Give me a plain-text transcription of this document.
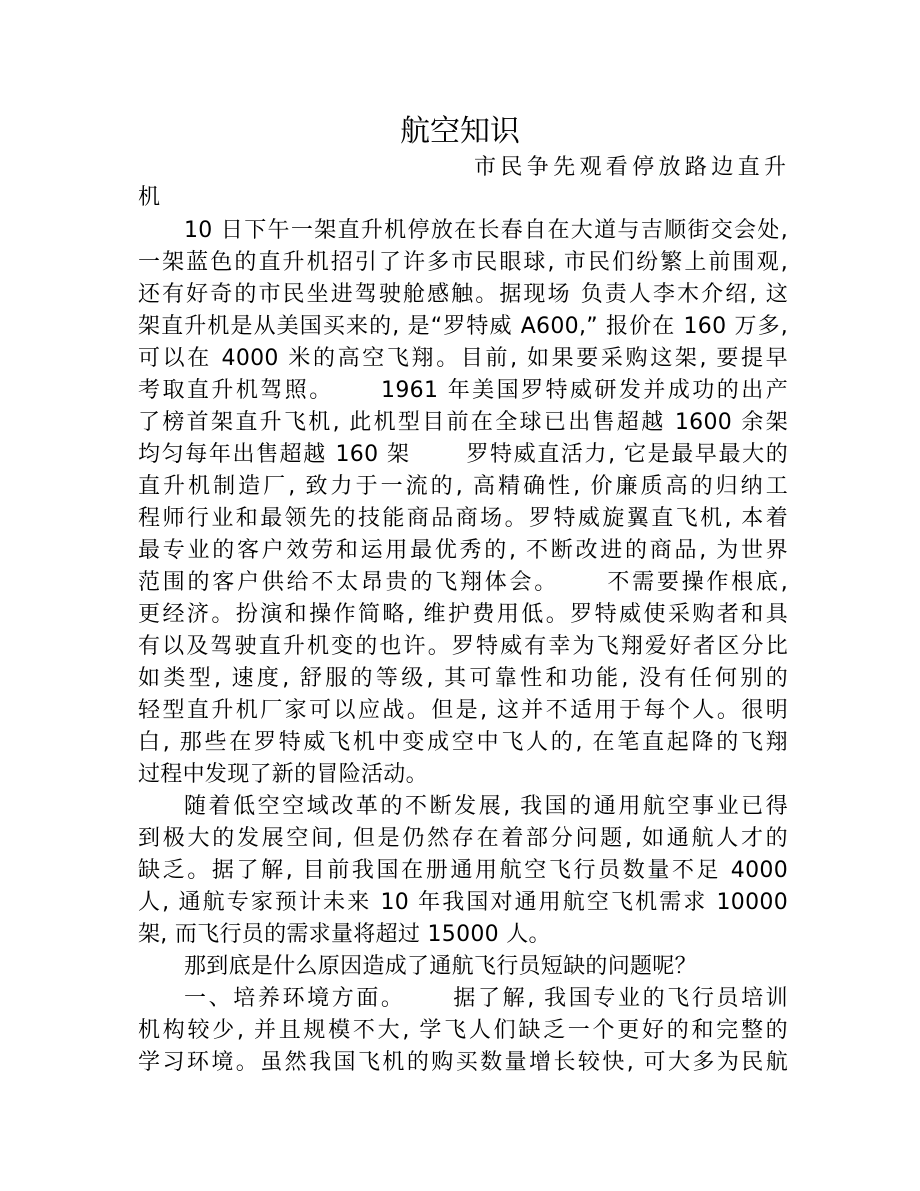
航空知识
市民争先观看停放路边直升
机
10 日下午一架直升机停放在长春自在大道与吉顺街交会处,
一架蓝色的直升机招引了许多市民眼球, 市民们纷繁上前围观,
还有好奇的市民坐进驾驶舱感触。据现场 负责人李木介绍, 这
架直升机是从美国买来的, 是“罗特威 A600,” 报价在 160 万多,
可以在 4000 米的高空飞翔。目前, 如果要采购这架, 要提早
考取直升机驾照。　　 1961 年美国罗特威研发并成功的出产
了榜首架直升飞机, 此机型目前在全球已出售超越 1600 余架
均匀每年出售超越 160 架 　　罗特威直活力, 它是最早最大的
直升机制造厂, 致力于一流的, 高精确性, 价廉质高的归纳工
程师行业和最领先的技能商品商场。罗特威旋翼直飞机, 本着
最专业的客户效劳和运用最优秀的, 不断改进的商品, 为世界
范围的客户供给不太昂贵的飞翔体会。　　 不需要操作根底,
更经济。扮演和操作简略, 维护费用低。罗特威使采购者和具
有以及驾驶直升机变的也许。罗特威有幸为飞翔爱好者区分比
如类型, 速度, 舒服的等级, 其可靠性和功能, 没有任何别的
轻型直升机厂家可以应战。但是, 这并不适用于每个人。很明
白, 那些在罗特威飞机中变成空中飞人的, 在笔直起降的飞翔
过程中发现了新的冒险活动。
随着低空空域改革的不断发展, 我国的通用航空事业已得
到极大的发展空间, 但是仍然存在着部分问题, 如通航人才的
缺乏。据了解, 目前我国在册通用航空飞行员数量不足 4000
人, 通航专家预计未来 10 年我国对通用航空飞机需求 10000
架, 而飞行员的需求量将超过 15000 人。
那到底是什么原因造成了通航飞行员短缺的问题呢？
一、培养环境方面。　　 据了解, 我国专业的飞行员培训
机构较少, 并且规模不大, 学飞人们缺乏一个更好的和完整的
学习环境。虽然我国飞机的购买数量增长较快, 可大多为民航
